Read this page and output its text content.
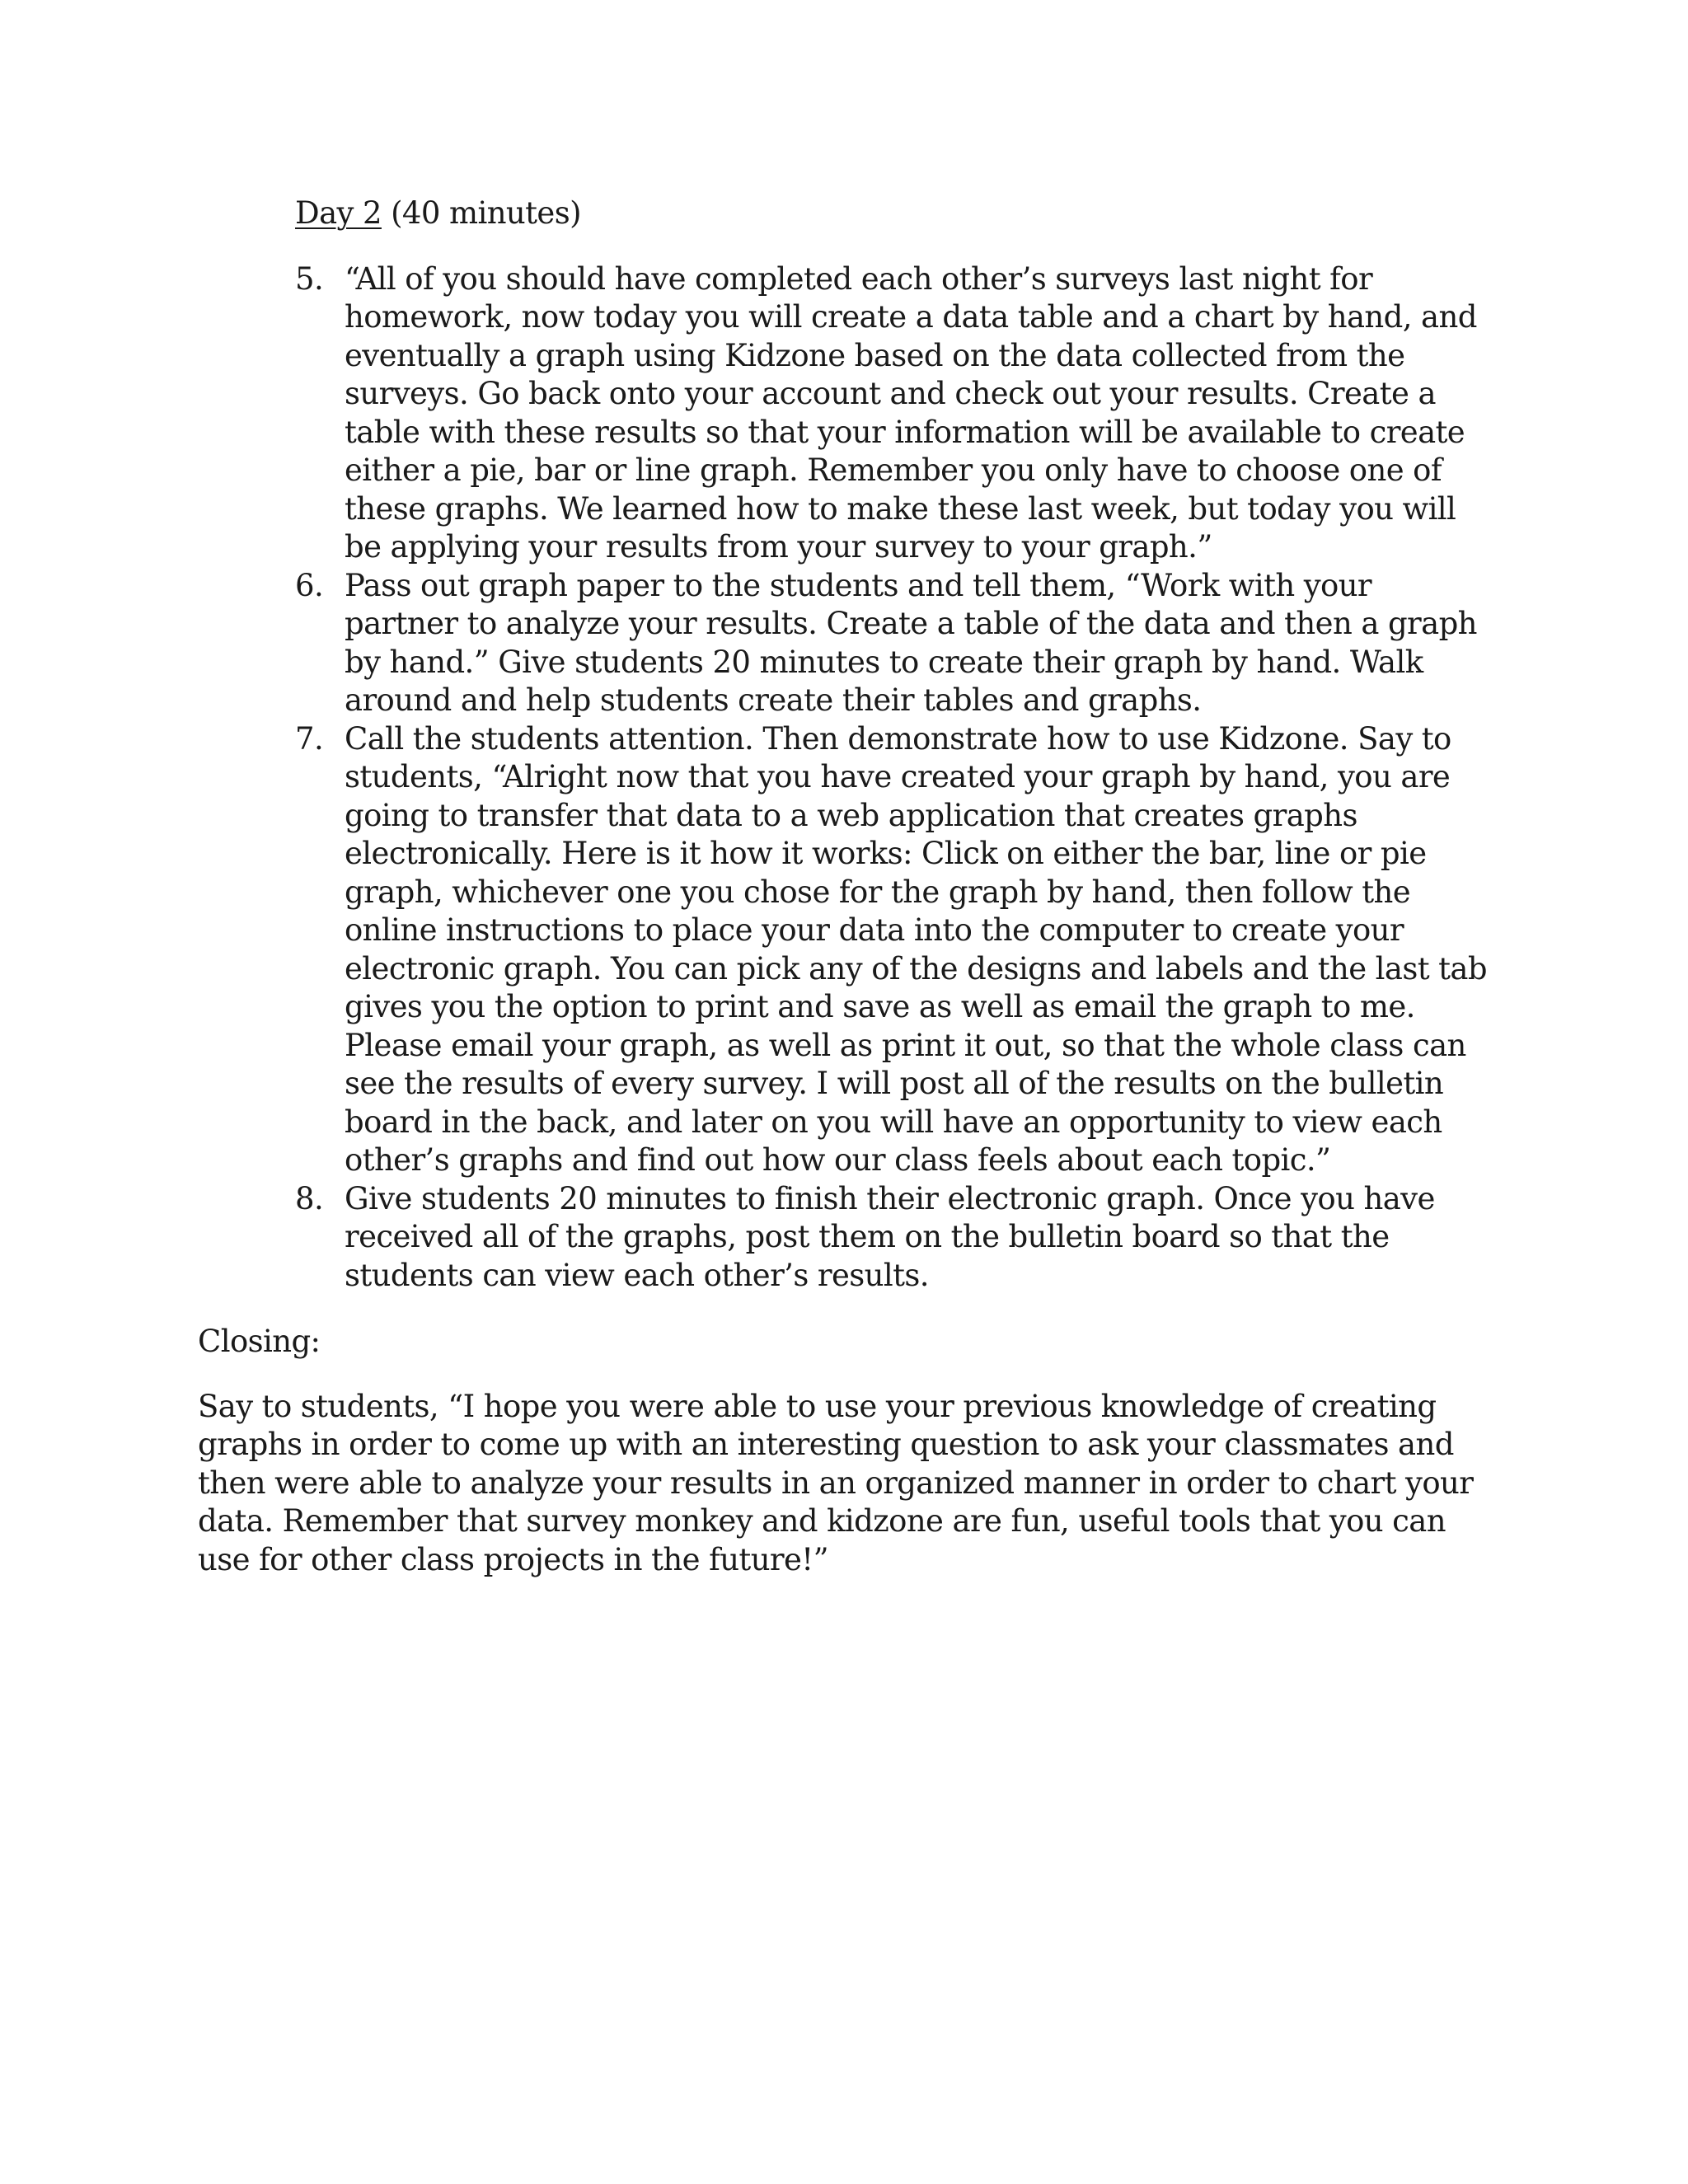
Day 2 (40 minutes)

5. “All of you should have completed each other’s surveys last night for homework, now today you will create a data table and a chart by hand, and eventually a graph using Kidzone based on the data collected from the surveys. Go back onto your account and check out your results. Create a table with these results so that your information will be available to create either a pie, bar or line graph. Remember you only have to choose one of these graphs. We learned how to make these last week, but today you will be applying your results from your survey to your graph.”
6. Pass out graph paper to the students and tell them, “Work with your partner to analyze your results. Create a table of the data and then a graph by hand.” Give students 20 minutes to create their graph by hand. Walk around and help students create their tables and graphs.
7. Call the students attention. Then demonstrate how to use Kidzone. Say to students, “Alright now that you have created your graph by hand, you are going to transfer that data to a web application that creates graphs electronically. Here is it how it works: Click on either the bar, line or pie graph, whichever one you chose for the graph by hand, then follow the online instructions to place your data into the computer to create your electronic graph. You can pick any of the designs and labels and the last tab gives you the option to print and save as well as email the graph to me. Please email your graph, as well as print it out, so that the whole class can see the results of every survey. I will post all of the results on the bulletin board in the back, and later on you will have an opportunity to view each other’s graphs and find out how our class feels about each topic.”
8. Give students 20 minutes to finish their electronic graph. Once you have received all of the graphs, post them on the bulletin board so that the students can view each other’s results.

Closing:

Say to students, “I hope you were able to use your previous knowledge of creating graphs in order to come up with an interesting question to ask your classmates and then were able to analyze your results in an organized manner in order to chart your data. Remember that survey monkey and kidzone are fun, useful tools that you can use for other class projects in the future!”
